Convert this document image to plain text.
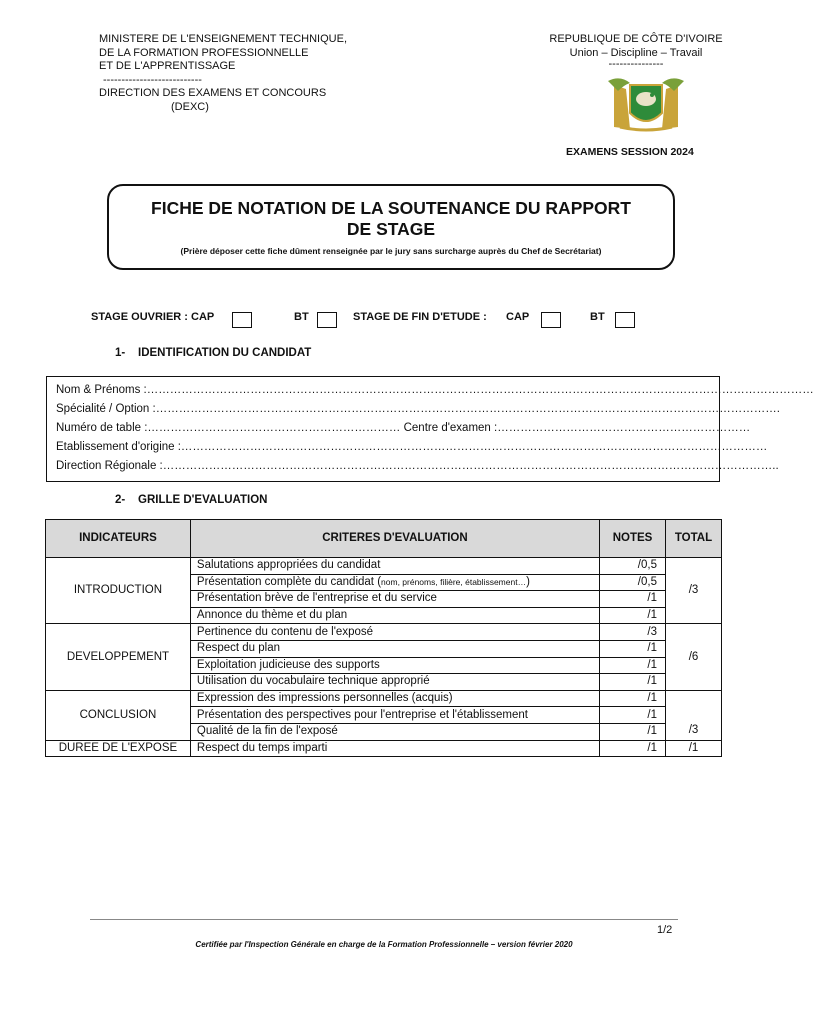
MINISTERE DE L'ENSEIGNEMENT TECHNIQUE,
DE LA FORMATION PROFESSIONNELLE
ET DE L'APPRENTISSAGE
---------------------------
DIRECTION DES EXAMENS ET CONCOURS
(DEXC)
REPUBLIQUE DE CÔTE D'IVOIRE
Union – Discipline – Travail
---------------
EXAMENS SESSION 2024
FICHE DE NOTATION DE LA SOUTENANCE DU RAPPORT
DE STAGE
(Prière déposer cette fiche dûment renseignée par le jury sans surcharge auprès du Chef de Secrétariat)
STAGE OUVRIER : CAP	BT	STAGE DE FIN D'ETUDE : CAP	BT
1- IDENTIFICATION DU CANDIDAT
Nom & Prénoms :…………………………………………………………………………………………………………………………………………………………
Spécialité / Option :……………………………………………………………………………………………………………………………………………….
Numéro de table :………………………………………………………… Centre d'examen :…………………………………………………………
Etablissement d'origine :………………………………………………………………………………………………………………………………………
Direction Régionale :……………………………………………………………………………………………………………………………………………..
2- GRILLE D'EVALUATION
INDICATEURS	CRITERES D'EVALUATION	NOTES	TOTAL
INTRODUCTION	Salutations appropriées du candidat	/0,5	/3
	Présentation complète du candidat (nom, prénoms, filière, établissement…)	/0,5	
	Présentation brève de l'entreprise et du service	/1	
	Annonce du thème et du plan	/1	
DEVELOPPEMENT	Pertinence du contenu de l'exposé	/3	/6
	Respect du plan	/1	
	Exploitation judicieuse des supports	/1	
	Utilisation du vocabulaire technique approprié	/1	
CONCLUSION	Expression des impressions personnelles (acquis)	/1	/3
	Présentation des perspectives pour l'entreprise et l'établissement	/1	
	Qualité de la fin de l'exposé	/1	
DUREE DE L'EXPOSE	Respect du temps imparti	/1	/1
1/2
Certifiée par l'Inspection Générale en charge de la Formation Professionnelle – version février 2020
